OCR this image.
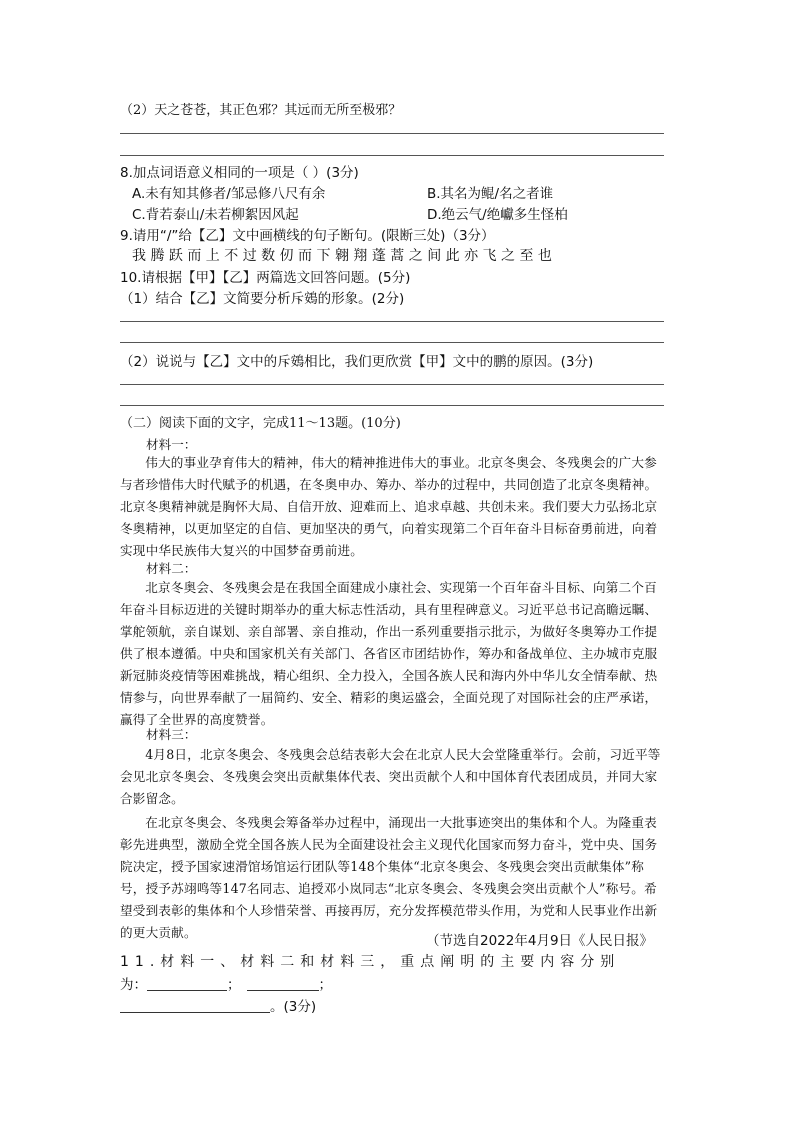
（2）天之苍苍，其正色邪？其远而无所至极邪？
8.加点词语意义相同的一项是（ ）(3分)
A.未有知其修者/邹忌修八尺有余	B.其名为鲲/名之者谁
C.背若泰山/未若柳絮因风起	D.绝云气/绝巘多生怪柏
9.请用“/”给【乙】文中画横线的句子断句。(限断三处)（3分）
我 腾 跃 而 上 不 过 数 仞 而 下 翱 翔 蓬 蒿 之 间 此 亦 飞 之 至 也
10.请根据【甲】【乙】两篇选文回答问题。(5分)
（1）结合【乙】文简要分析斥鴳的形象。(2分)
（2）说说与【乙】文中的斥鴳相比，我们更欣赏【甲】文中的鹏的原因。(3分)
（二）阅读下面的文字，完成11～13题。(10分)
材料一：
伟大的事业孕育伟大的精神，伟大的精神推进伟大的事业。北京冬奥会、冬残奥会的广大参与者珍惜伟大时代赋予的机遇，在冬奥申办、筹办、举办的过程中，共同创造了北京冬奥精神。北京冬奥精神就是胸怀大局、自信开放、迎难而上、追求卓越、共创未来。我们要大力弘扬北京冬奥精神，以更加坚定的自信、更加坚决的勇气，向着实现第二个百年奋斗目标奋勇前进，向着实现中华民族伟大复兴的中国梦奋勇前进。
材料二：
北京冬奥会、冬残奥会是在我国全面建成小康社会、实现第一个百年奋斗目标、向第二个百年奋斗目标迈进的关键时期举办的重大标志性活动，具有里程碑意义。习近平总书记高瞻远瞩、掌舵领航，亲自谋划、亲自部署、亲自推动，作出一系列重要指示批示，为做好冬奥筹办工作提供了根本遵循。中央和国家机关有关部门、各省区市团结协作，筹办和备战单位、主办城市克服新冠肺炎疫情等困难挑战，精心组织、全力投入，全国各族人民和海内外中华儿女全情奉献、热情参与，向世界奉献了一届简约、安全、精彩的奥运盛会，全面兑现了对国际社会的庄严承诺，赢得了全世界的高度赞誉。
材料三：
4月8日，北京冬奥会、冬残奥会总结表彰大会在北京人民大会堂隆重举行。会前，习近平等会见北京冬奥会、冬残奥会突出贡献集体代表、突出贡献个人和中国体育代表团成员，并同大家合影留念。
在北京冬奥会、冬残奥会筹备举办过程中，涌现出一大批事迹突出的集体和个人。为隆重表彰先进典型，激励全党全国各族人民为全面建设社会主义现代化国家而努力奋斗，党中央、国务院决定，授予国家速滑馆场馆运行团队等148个集体“北京冬奥会、冬残奥会突出贡献集体”称号，授予苏翊鸣等147名同志、追授邓小岚同志“北京冬奥会、冬残奥会突出贡献个人”称号。希望受到表彰的集体和个人珍惜荣誉、再接再厉，充分发挥模范带头作用，为党和人民事业作出新的更大贡献。
（节选自2022年4月9日《人民日报》
11.材料一、材料二和材料三，重点阐明的主要内容分别
为：	；	；
。(3分)
